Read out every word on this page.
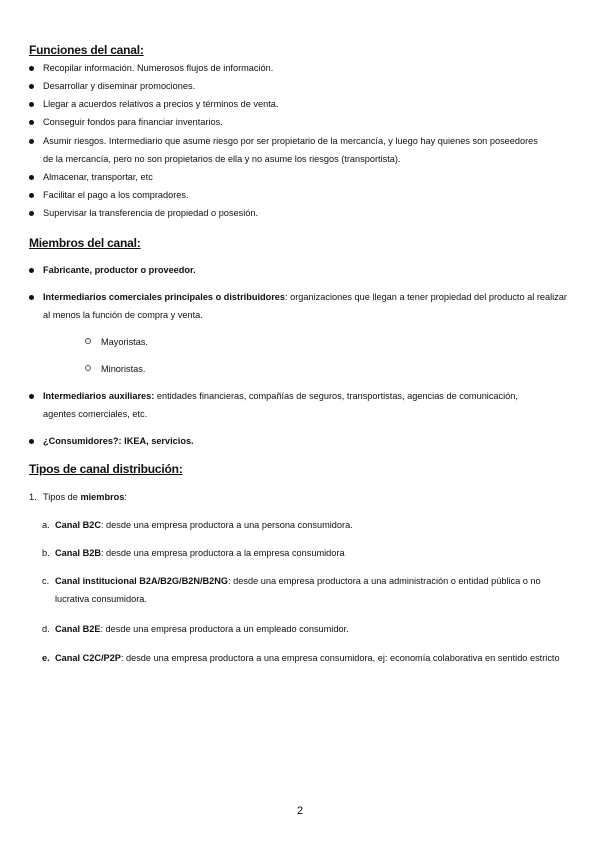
Funciones del canal:
Recopilar información. Numerosos flujos de información.
Desarrollar y diseminar promociones.
Llegar a acuerdos relativos a precios y términos de venta.
Conseguir fondos para financiar inventarios.
Asumir riesgos. Intermediario que asume riesgo por ser propietario de la mercancía, y luego hay quienes son poseedores de la mercancía, pero no son propietarios de ella y no asume los riesgos (transportista).
Almacenar, transportar, etc
Facilitar el pago a los compradores.
Supervisar la transferencia de propiedad o posesión.
Miembros del canal:
Fabricante, productor o proveedor.
Intermediarios comerciales principales o distribuidores: organizaciones que llegan a tener propiedad del producto al realizar al menos la función de compra y venta.
Mayoristas.
Minoristas.
Intermediarios auxiliares: entidades financieras, compañías de seguros, transportistas, agencias de comunicación, agentes comerciales, etc.
¿Consumidores?: IKEA, servicios.
Tipos de canal distribución:
1. Tipos de miembros:
a. Canal B2C: desde una empresa productora a una persona consumidora.
b. Canal B2B: desde una empresa productora a la empresa consumidora
c. Canal institucional B2A/B2G/B2N/B2NG: desde una empresa productora a una administración o entidad pública o no lucrativa consumidora.
d. Canal B2E: desde una empresa productora a un empleado consumidor.
e. Canal C2C/P2P: desde una empresa productora a una empresa consumidora, ej: economía colaborativa en sentido estricto
2
